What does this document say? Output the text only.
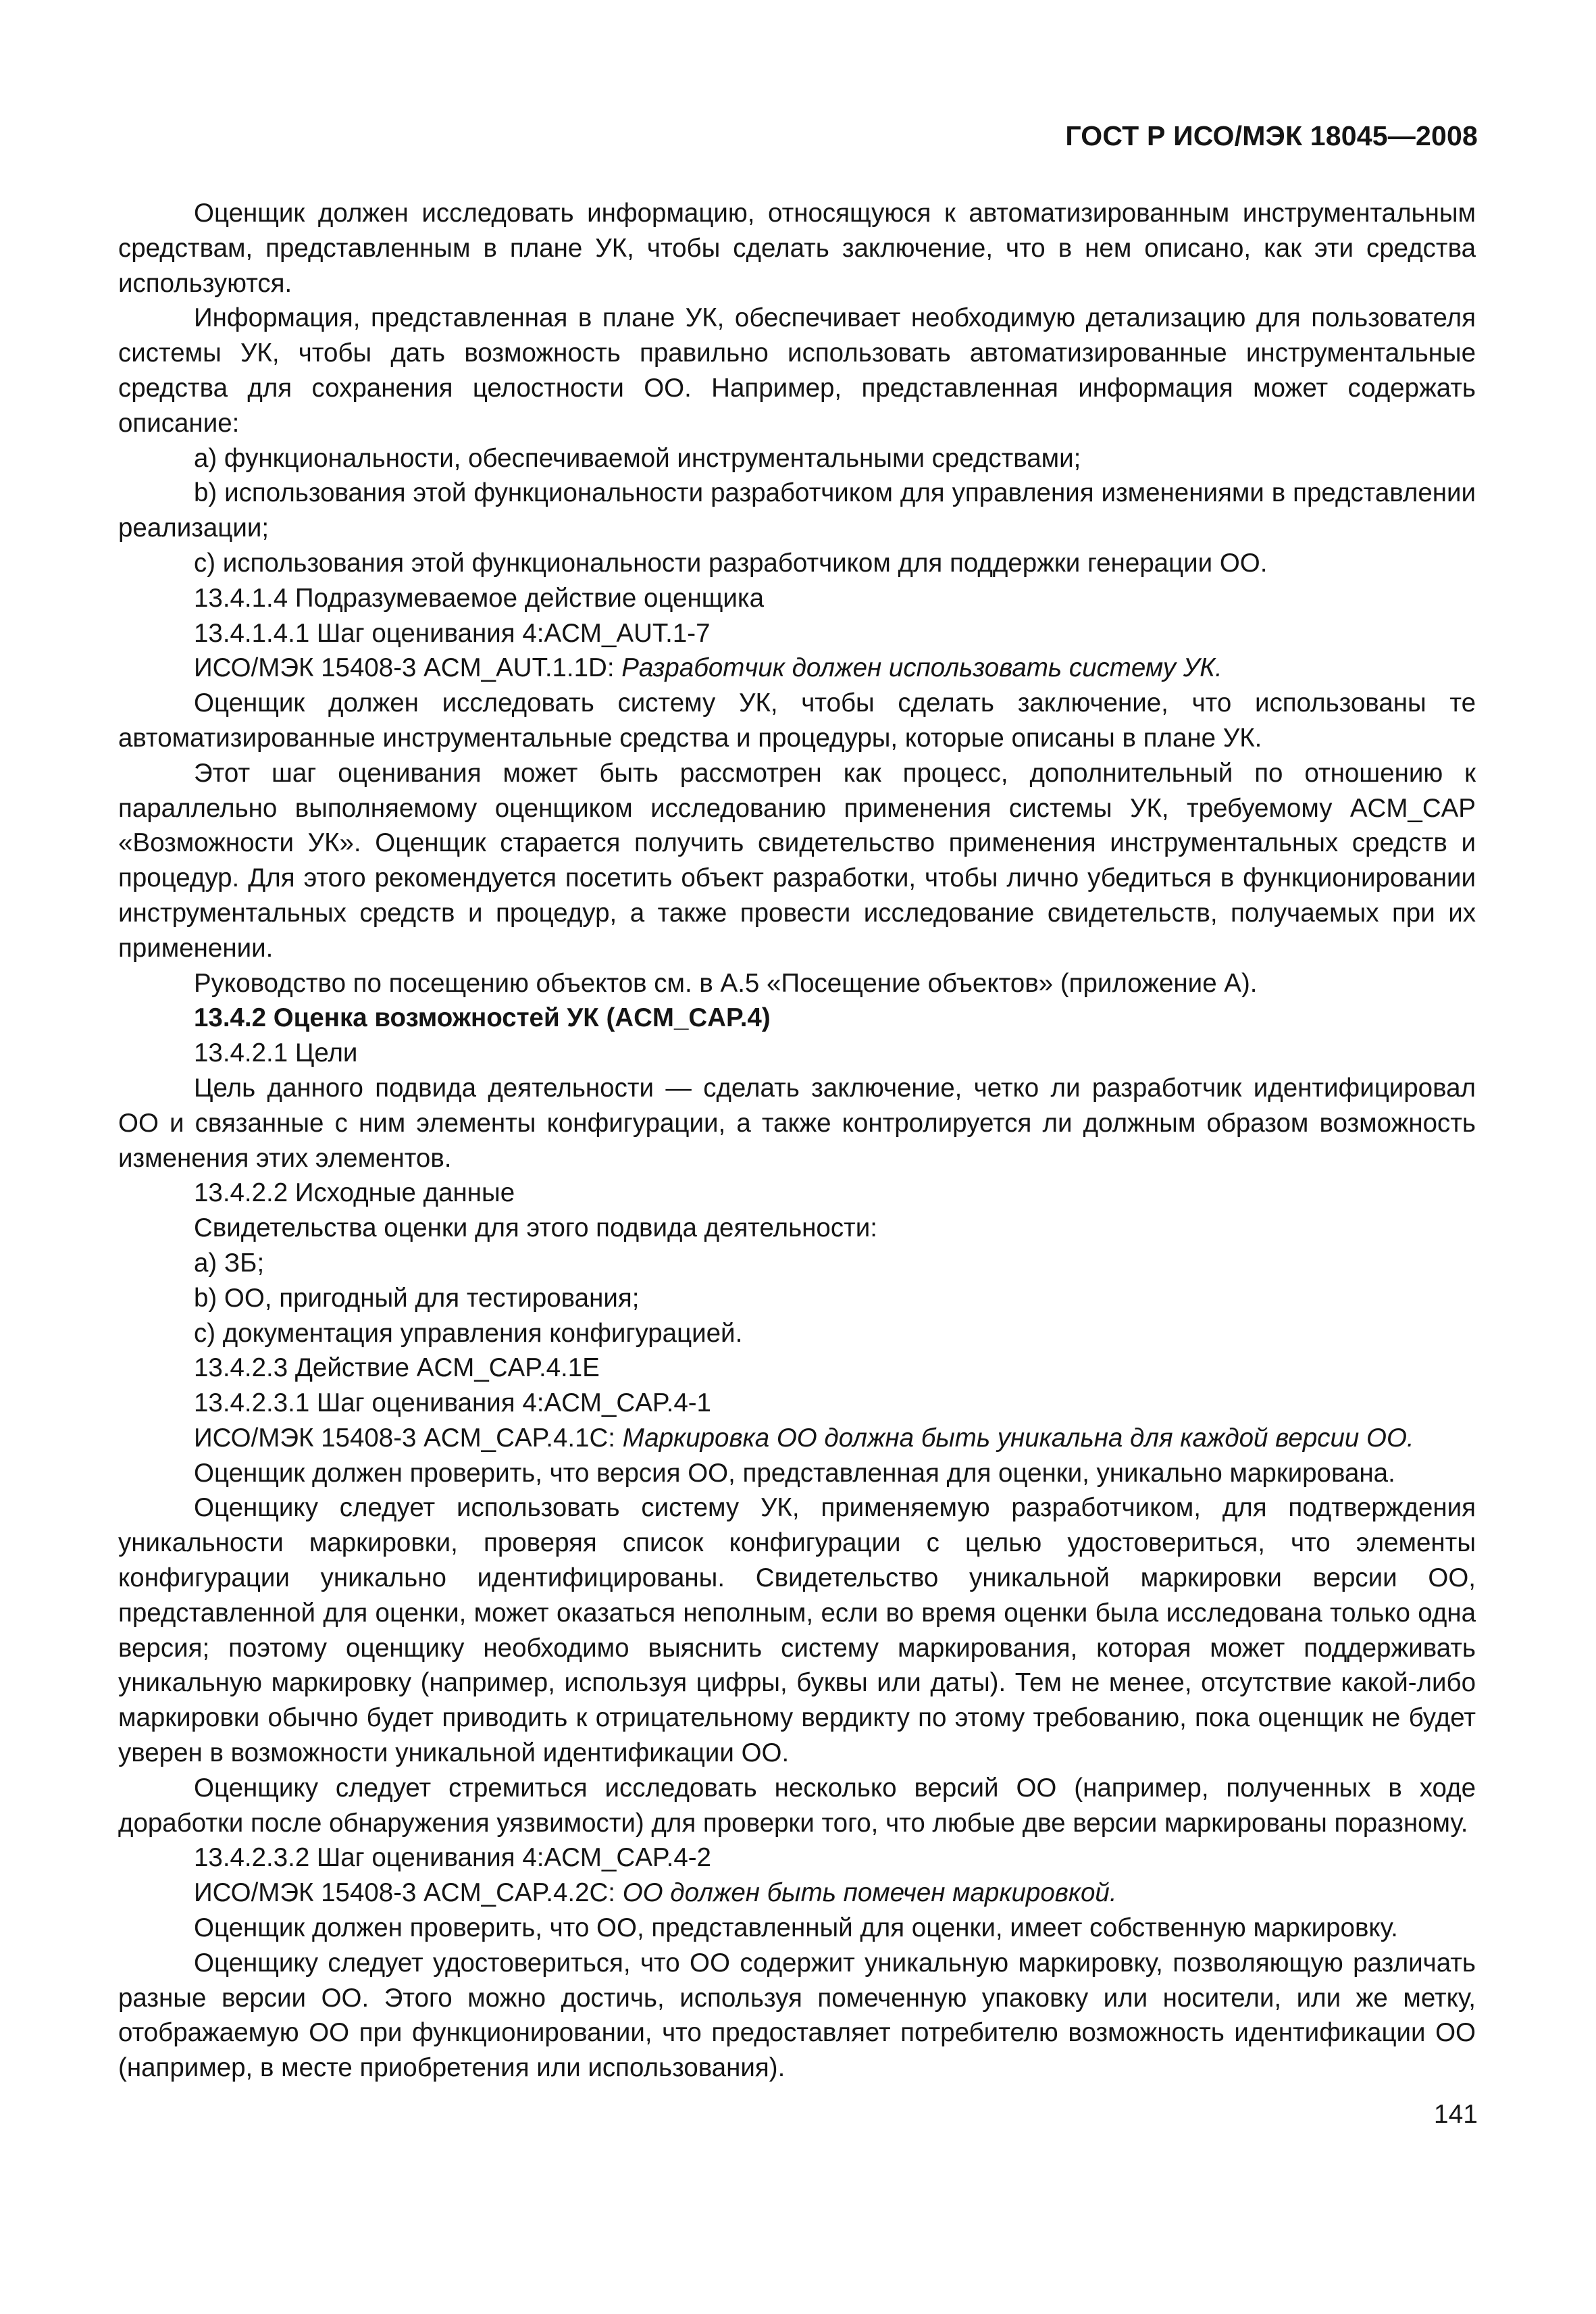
ГОСТ Р ИСО/МЭК 18045—2008

Оценщик должен исследовать информацию, относящуюся к автоматизированным инструментальным средствам, представленным в плане УК, чтобы сделать заключение, что в нем описано, как эти средства используются.

Информация, представленная в плане УК, обеспечивает необходимую детализацию для пользователя системы УК, чтобы дать возможность правильно использовать автоматизированные инструментальные средства для сохранения целостности ОО. Например, представленная информация может содержать описание:

а) функциональности, обеспечиваемой инструментальными средствами;

b) использования этой функциональности разработчиком для управления изменениями в представлении реализации;

c) использования этой функциональности разработчиком для поддержки генерации ОО.

13.4.1.4 Подразумеваемое действие оценщика

13.4.1.4.1 Шаг оценивания 4:ACM_AUT.1-7

ИСО/МЭК 15408-3 ACM_AUT.1.1D: Разработчик должен использовать систему УК.

Оценщик должен исследовать систему УК, чтобы сделать заключение, что использованы те автоматизированные инструментальные средства и процедуры, которые описаны в плане УК.

Этот шаг оценивания может быть рассмотрен как процесс, дополнительный по отношению к параллельно выполняемому оценщиком исследованию применения системы УК, требуемому ACM_CAP «Возможности УК». Оценщик старается получить свидетельство применения инструментальных средств и процедур. Для этого рекомендуется посетить объект разработки, чтобы лично убедиться в функционировании инструментальных средств и процедур, а также провести исследование свидетельств, получаемых при их применении.

Руководство по посещению объектов см. в А.5 «Посещение объектов» (приложение А).

13.4.2 Оценка возможностей УК (ACM_CAP.4)

13.4.2.1 Цели

Цель данного подвида деятельности — сделать заключение, четко ли разработчик идентифицировал ОО и связанные с ним элементы конфигурации, а также контролируется ли должным образом возможность изменения этих элементов.

13.4.2.2 Исходные данные

Свидетельства оценки для этого подвида деятельности:

а) ЗБ;

b) ОО, пригодный для тестирования;

c) документация управления конфигурацией.

13.4.2.3 Действие ACM_CAP.4.1E

13.4.2.3.1 Шаг оценивания 4:ACM_CAP.4-1

ИСО/МЭК 15408-3 ACM_CAP.4.1C: Маркировка ОО должна быть уникальна для каждой версии ОО.

Оценщик должен проверить, что версия ОО, представленная для оценки, уникально маркирована.

Оценщику следует использовать систему УК, применяемую разработчиком, для подтверждения уникальности маркировки, проверяя список конфигурации с целью удостовериться, что элементы конфигурации уникально идентифицированы. Свидетельство уникальной маркировки версии ОО, представленной для оценки, может оказаться неполным, если во время оценки была исследована только одна версия; поэтому оценщику необходимо выяснить систему маркирования, которая может поддерживать уникальную маркировку (например, используя цифры, буквы или даты). Тем не менее, отсутствие какой-либо маркировки обычно будет приводить к отрицательному вердикту по этому требованию, пока оценщик не будет уверен в возможности уникальной идентификации ОО.

Оценщику следует стремиться исследовать несколько версий ОО (например, полученных в ходе доработки после обнаружения уязвимости) для проверки того, что любые две версии маркированы поразному.

13.4.2.3.2 Шаг оценивания 4:ACM_CAP.4-2

ИСО/МЭК 15408-3 ACM_CAP.4.2C: ОО должен быть помечен маркировкой.

Оценщик должен проверить, что ОО, представленный для оценки, имеет собственную маркировку.

Оценщику следует удостовериться, что ОО содержит уникальную маркировку, позволяющую различать разные версии ОО. Этого можно достичь, используя помеченную упаковку или носители, или же метку, отображаемую ОО при функционировании, что предоставляет потребителю возможность идентификации ОО (например, в месте приобретения или использования).

141
